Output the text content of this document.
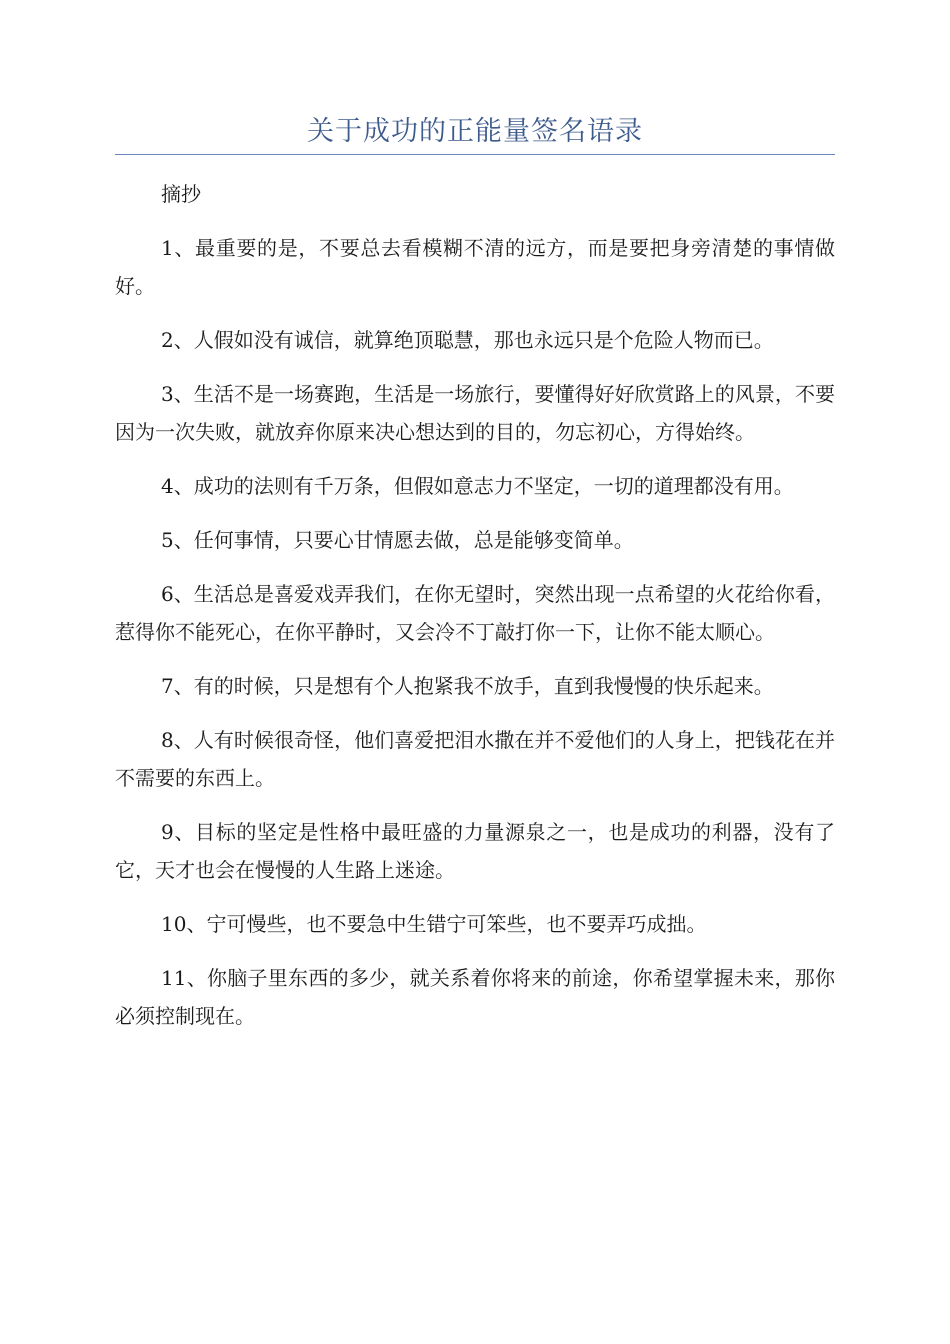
关于成功的正能量签名语录

摘抄

1、最重要的是，不要总去看模糊不清的远方，而是要把身旁清楚的事情做好。

2、人假如没有诚信，就算绝顶聪慧，那也永远只是个危险人物而已。

3、生活不是一场赛跑，生活是一场旅行，要懂得好好欣赏路上的风景，不要因为一次失败，就放弃你原来决心想达到的目的，勿忘初心，方得始终。

4、成功的法则有千万条，但假如意志力不坚定，一切的道理都没有用。

5、任何事情，只要心甘情愿去做，总是能够变简单。

6、生活总是喜爱戏弄我们，在你无望时，突然出现一点希望的火花给你看，惹得你不能死心，在你平静时，又会冷不丁敲打你一下，让你不能太顺心。

7、有的时候，只是想有个人抱紧我不放手，直到我慢慢的快乐起来。

8、人有时候很奇怪，他们喜爱把泪水撒在并不爱他们的人身上，把钱花在并不需要的东西上。

9、目标的坚定是性格中最旺盛的力量源泉之一，也是成功的利器，没有了它，天才也会在慢慢的人生路上迷途。

10、宁可慢些，也不要急中生错宁可笨些，也不要弄巧成拙。

11、你脑子里东西的多少，就关系着你将来的前途，你希望掌握未来，那你必须控制现在。
